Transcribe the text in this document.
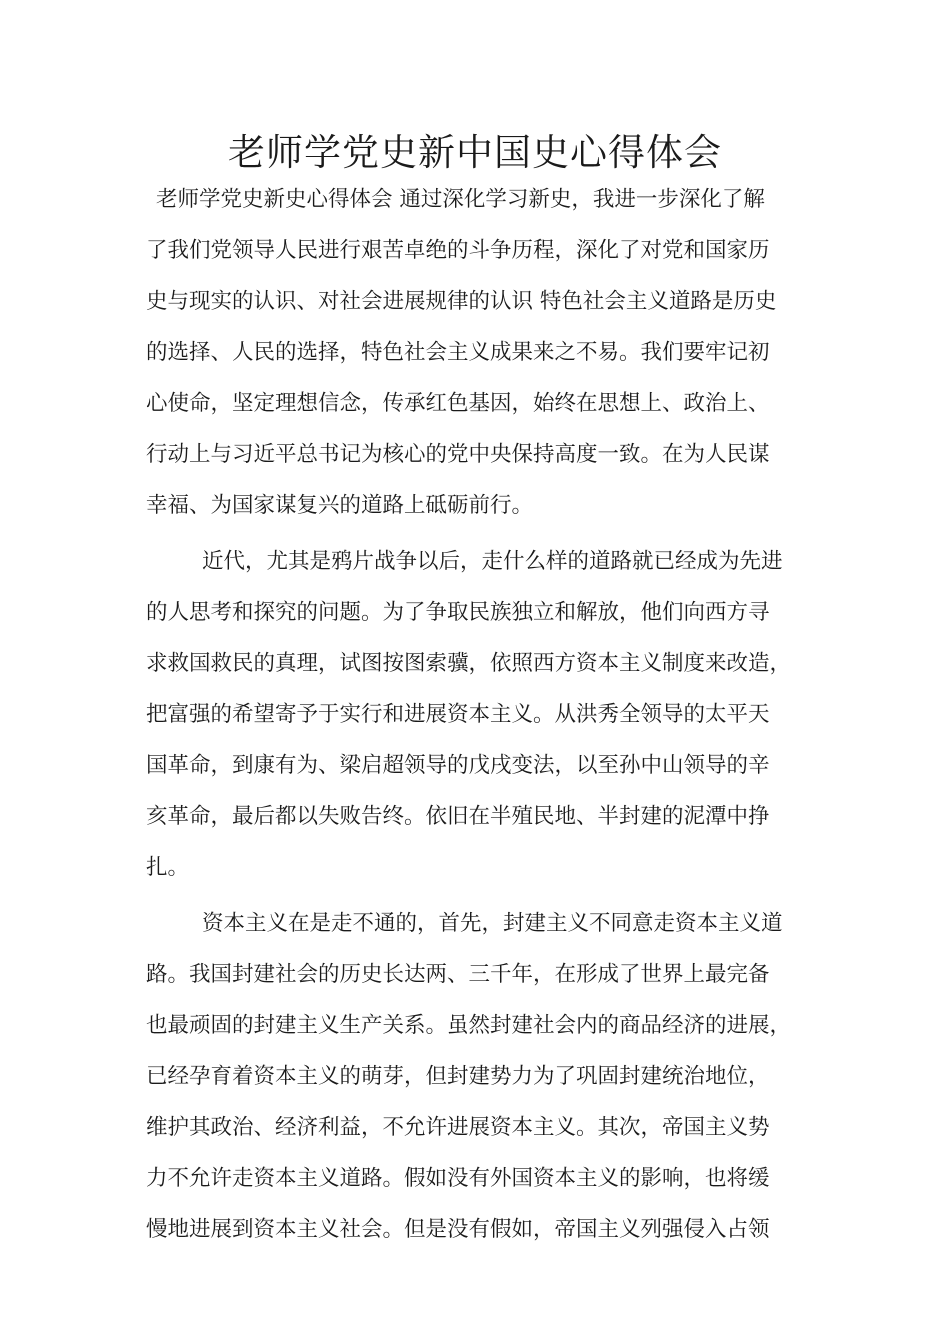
老师学党史新中国史心得体会
老师学党史新史心得体会 通过深化学习新史，我进一步深化了解
了我们党领导人民进行艰苦卓绝的斗争历程，深化了对党和国家历
史与现实的认识、对社会进展规律的认识 特色社会主义道路是历史
的选择、人民的选择，特色社会主义成果来之不易。我们要牢记初
心使命，坚定理想信念，传承红色基因，始终在思想上、政治上、
行动上与习近平总书记为核心的党中央保持高度一致。在为人民谋
幸福、为国家谋复兴的道路上砥砺前行。
近代，尤其是鸦片战争以后，走什么样的道路就已经成为先进
的人思考和探究的问题。为了争取民族独立和解放，他们向西方寻
求救国救民的真理，试图按图索骥，依照西方资本主义制度来改造，
把富强的希望寄予于实行和进展资本主义。从洪秀全领导的太平天
国革命，到康有为、梁启超领导的戊戌变法，以至孙中山领导的辛
亥革命，最后都以失败告终。依旧在半殖民地、半封建的泥潭中挣
扎。
资本主义在是走不通的，首先，封建主义不同意走资本主义道
路。我国封建社会的历史长达两、三千年，在形成了世界上最完备
也最顽固的封建主义生产关系。虽然封建社会内的商品经济的进展，
已经孕育着资本主义的萌芽，但封建势力为了巩固封建统治地位，
维护其政治、经济利益，不允许进展资本主义。其次，帝国主义势
力不允许走资本主义道路。假如没有外国资本主义的影响，也将缓
慢地进展到资本主义社会。但是没有假如，帝国主义列强侵入占领
